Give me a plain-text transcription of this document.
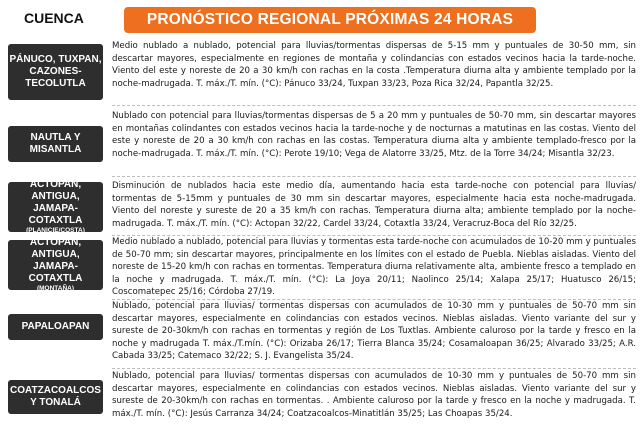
CUENCA	PRONÓSTICO REGIONAL PRÓXIMAS 24 HORAS
PÁNUCO, TUXPAN, CAZONES-TECOLUTLA
Medio nublado a nublado, potencial para lluvias/tormentas dispersas de 5-15 mm y puntuales de 30-50 mm, sin descartar mayores, especialmente en regiones de montaña y colindancias con estados vecinos hacia la tarde-noche. Viento del este y noreste de 20 a 30 km/h con rachas en la costa .Temperatura diurna alta y ambiente templado por la noche-madrugada. T. máx./T. mín. (°C): Pánuco 33/24, Tuxpan 33/23, Poza Rica 32/24, Papantla 32/25.
NAUTLA Y MISANTLA
Nublado con potencial para lluvias/tormentas dispersas de 5 a 20 mm y puntuales de 50-70 mm, sin descartar mayores en montañas colindantes con estados vecinos hacia la tarde-noche y de nocturnas a matutinas en las costas. Viento del este y noreste de 20 a 30 km/h con rachas en las costas. Temperatura diurna alta y ambiente templado-fresco por la noche-madrugada. T. máx./T. mín. (°C): Perote 19/10; Vega de Alatorre 33/25, Mtz. de la Torre 34/24; Misantla 32/23.
ACTOPAN, ANTIGUA, JAMAPA-COTAXTLA
(PLANICIE/COSTA)
Disminución de nublados hacia este medio día, aumentando hacia esta tarde-noche con potencial para lluvias/ tormentas de 5-15mm y puntuales de 30 mm sin descartar mayores, especialmente hacia esta noche-madrugada. Viento del noreste y sureste de 20 a 35 km/h con rachas. Temperatura diurna alta; ambiente templado por la noche-madrugada. T. máx./T. mín. (°C): Actopan 32/22, Cardel 33/24, Cotaxtla 33/24, Veracruz-Boca del Río 32/25.
ACTOPAN, ANTIGUA, JAMAPA-COTAXTLA
(MONTAÑA)
Medio nublado a nublado, potencial para lluvias y tormentas esta tarde-noche con acumulados de 10-20 mm y puntuales de 50-70 mm; sin descartar mayores, principalmente en los límites con el estado de Puebla. Nieblas aisladas. Viento del noreste de 15-20 km/h con rachas en tormentas. Temperatura diurna relativamente alta, ambiente fresco a templado en la noche y madrugada. T. máx./T. mín. (°C): La Joya 20/11; Naolinco 25/14; Xalapa 25/17; Huatusco 26/15; Coscomatepec 25/16; Córdoba 27/19.
PAPALOAPAN
Nublado, potencial para lluvias/ tormentas dispersas con acumulados de 10-30 mm y puntuales de 50-70 mm sin descartar mayores, especialmente en colindancias con estados vecinos. Nieblas aisladas. Viento variante del sur y sureste de 20-30km/h con rachas en tormentas y región de Los Tuxtlas. Ambiente caluroso por la tarde y fresco en la noche y madrugada T. máx./T.mín. (°C): Orizaba 26/17; Tierra Blanca 35/24; Cosamaloapan 36/25; Alvarado 33/25; A.R. Cabada 33/25; Catemaco 32/22; S. J. Evangelista 35/24.
COATZACOALCOS Y TONALÁ
Nublado, potencial para lluvias/ tormentas dispersas con acumulados de 10-30 mm y puntuales de 50-70 mm sin descartar mayores, especialmente en colindancias con estados vecinos. Nieblas aisladas. Viento variante del sur y sureste de 20-30km/h con rachas en tormentas. . Ambiente caluroso por la tarde y fresco en la noche y madrugada. T. máx./T. mín. (°C): Jesús Carranza 34/24; Coatzacoalcos-Minatitlán 35/25; Las Choapas 35/24.
